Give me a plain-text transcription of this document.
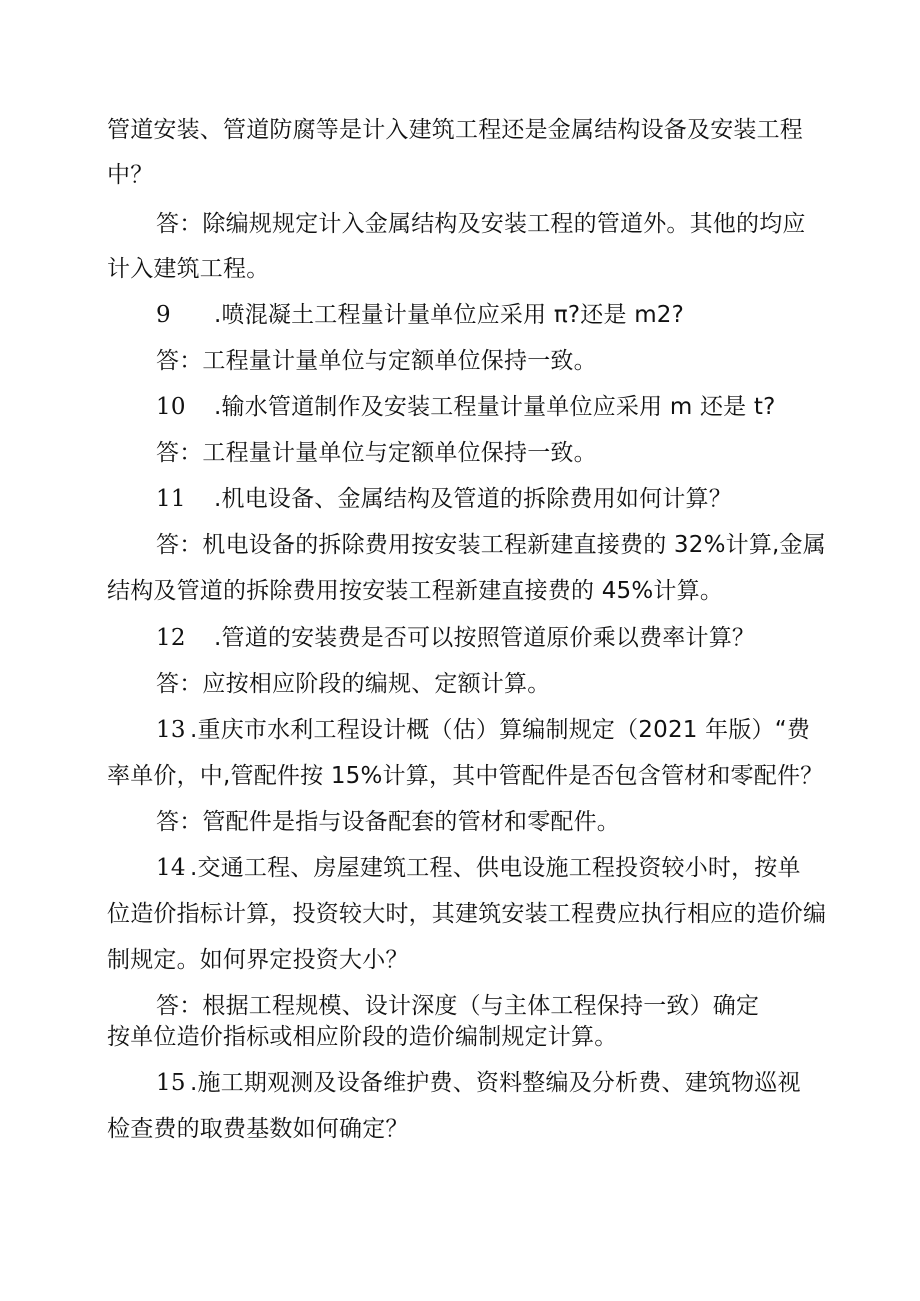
管道安装、管道防腐等是计入建筑工程还是金属结构设备及安装工程

中？

答：除编规规定计入金属结构及安装工程的管道外。其他的均应

计入建筑工程。

9 .喷混凝土工程量计量单位应采用 π?还是 m2?

答：工程量计量单位与定额单位保持一致。

10 .输水管道制作及安装工程量计量单位应采用 m 还是 t?

答：工程量计量单位与定额单位保持一致。

11 .机电设备、金属结构及管道的拆除费用如何计算？

答：机电设备的拆除费用按安装工程新建直接费的 32%计算,金属

结构及管道的拆除费用按安装工程新建直接费的 45%计算。

12 .管道的安装费是否可以按照管道原价乘以费率计算？

答：应按相应阶段的编规、定额计算。

13 .重庆市水利工程设计概（估）算编制规定（2021 年版）“费

率单价，中,管配件按 15%计算，其中管配件是否包含管材和零配件？

答：管配件是指与设备配套的管材和零配件。

14 .交通工程、房屋建筑工程、供电设施工程投资较小时，按单

位造价指标计算，投资较大时，其建筑安装工程费应执行相应的造价编

制规定。如何界定投资大小？

答：根据工程规模、设计深度（与主体工程保持一致）确定

按单位造价指标或相应阶段的造价编制规定计算。

15 .施工期观测及设备维护费、资料整编及分析费、建筑物巡视

检查费的取费基数如何确定？
